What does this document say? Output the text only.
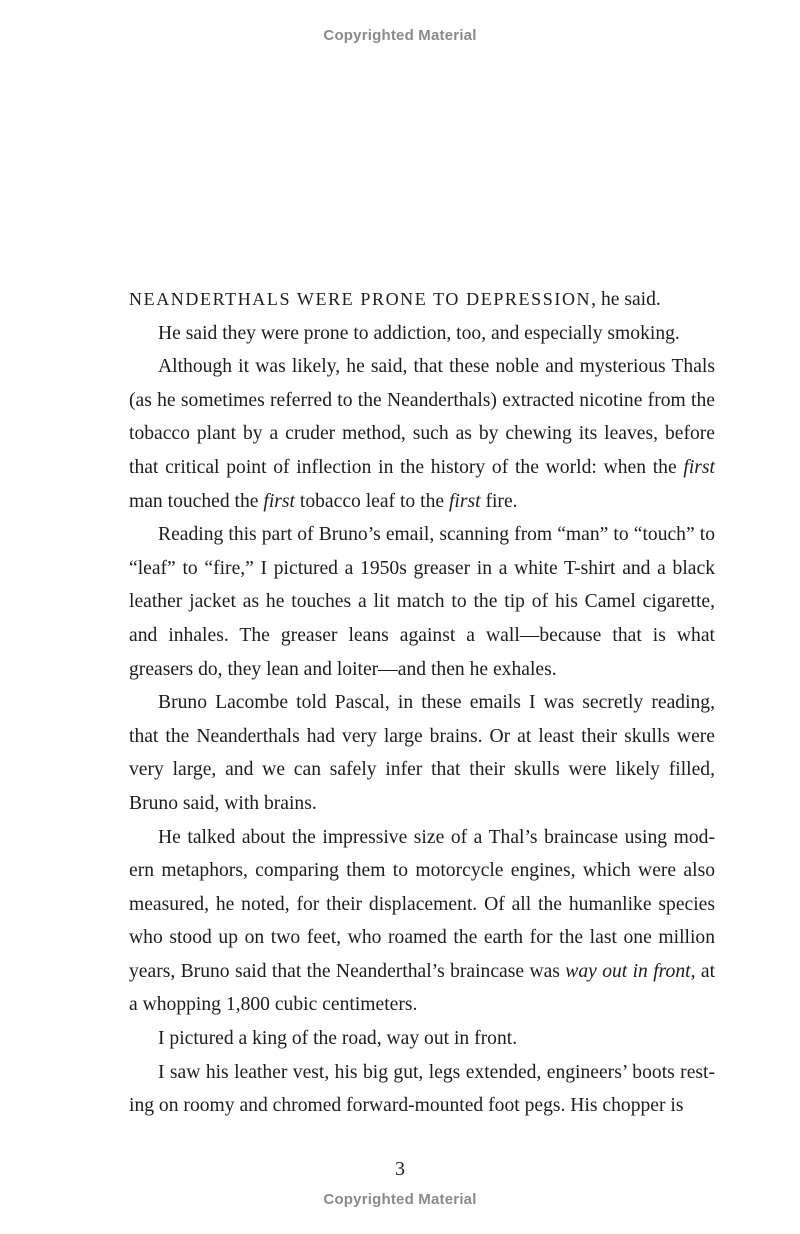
Copyrighted Material

NEANDERTHALS WERE PRONE TO DEPRESSION, he said.

He said they were prone to addiction, too, and especially smoking.

Although it was likely, he said, that these noble and mysterious Thals (as he sometimes referred to the Neanderthals) extracted nicotine from the tobacco plant by a cruder method, such as by chewing its leaves, before that critical point of inflection in the history of the world: when the first man touched the first tobacco leaf to the first fire.

Reading this part of Bruno’s email, scanning from “man” to “touch” to “leaf” to “fire,” I pictured a 1950s greaser in a white T-shirt and a black leather jacket as he touches a lit match to the tip of his Camel cigarette, and inhales. The greaser leans against a wall—because that is what greasers do, they lean and loiter—and then he exhales.

Bruno Lacombe told Pascal, in these emails I was secretly reading, that the Neanderthals had very large brains. Or at least their skulls were very large, and we can safely infer that their skulls were likely filled, Bruno said, with brains.

He talked about the impressive size of a Thal’s braincase using modern metaphors, comparing them to motorcycle engines, which were also measured, he noted, for their displacement. Of all the humanlike species who stood up on two feet, who roamed the earth for the last one million years, Bruno said that the Neanderthal’s braincase was way out in front, at a whopping 1,800 cubic centimeters.

I pictured a king of the road, way out in front.

I saw his leather vest, his big gut, legs extended, engineers’ boots resting on roomy and chromed forward-mounted foot pegs. His chopper is

3
Copyrighted Material
